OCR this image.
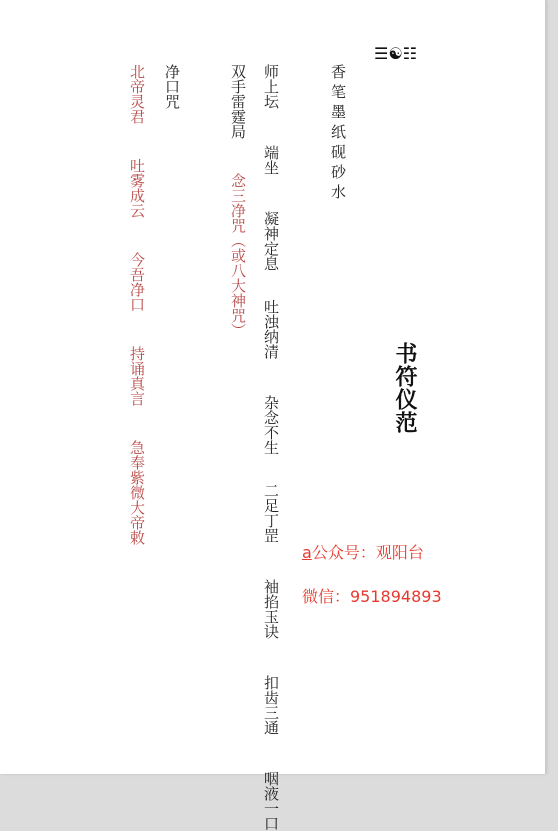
☰☯☷
香笔墨纸砚砂水
师上坛 端坐 凝神定息 吐浊纳清 杂念不生 二足丁罡 袖掐玉诀 扣齿三通 咽液一口
双手雷霆局 念三净咒（或八大神咒）
净口咒
北帝灵君 吐雾成云 今吾净口 持诵真言 急奉紫微大帝敕
书符仪范
a公众号：观阳台
微信：951894893
